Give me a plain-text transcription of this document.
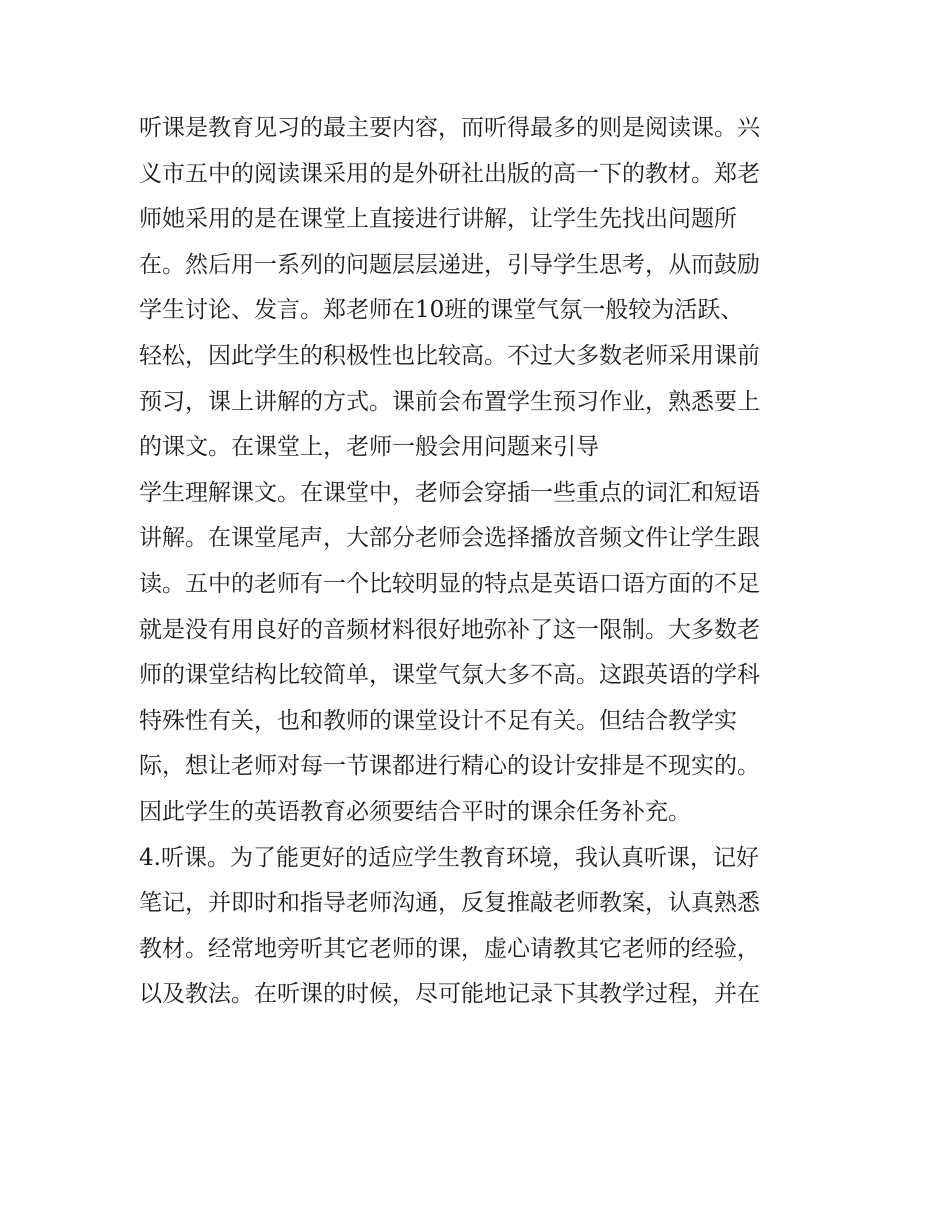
听课是教育见习的最主要内容，而听得最多的则是阅读课。兴
义市五中的阅读课采用的是外研社出版的高一下的教材。郑老
师她采用的是在课堂上直接进行讲解，让学生先找出问题所
在。然后用一系列的问题层层递进，引导学生思考，从而鼓励
学生讨论、发言。郑老师在10班的课堂气氛一般较为活跃、
轻松，因此学生的积极性也比较高。不过大多数老师采用课前
预习，课上讲解的方式。课前会布置学生预习作业，熟悉要上
的课文。在课堂上，老师一般会用问题来引导
学生理解课文。在课堂中，老师会穿插一些重点的词汇和短语
讲解。在课堂尾声，大部分老师会选择播放音频文件让学生跟
读。五中的老师有一个比较明显的特点是英语口语方面的不足
就是没有用良好的音频材料很好地弥补了这一限制。大多数老
师的课堂结构比较简单，课堂气氛大多不高。这跟英语的学科
特殊性有关，也和教师的课堂设计不足有关。但结合教学实
际，想让老师对每一节课都进行精心的设计安排是不现实的。
因此学生的英语教育必须要结合平时的课余任务补充。
4.听课。为了能更好的适应学生教育环境，我认真听课，记好
笔记，并即时和指导老师沟通，反复推敲老师教案，认真熟悉
教材。经常地旁听其它老师的课，虚心请教其它老师的经验，
以及教法。在听课的时候，尽可能地记录下其教学过程，并在
